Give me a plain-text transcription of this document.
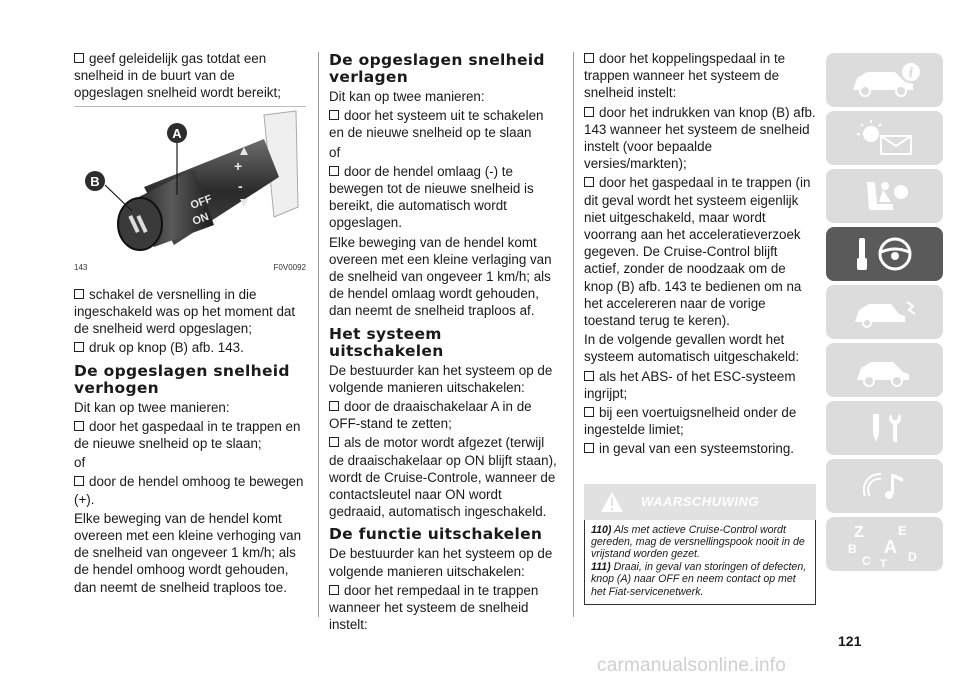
geef geleidelijk gas totdat een snelheid in de buurt van de opgeslagen snelheid wordt bereikt;

OFF
ON
+
-
A
B
143	F0V0092

schakel de versnelling in die ingeschakeld was op het moment dat de snelheid werd opgeslagen;

druk op knop (B) afb. 143.

De opgeslagen snelheid verhogen

Dit kan op twee manieren:

door het gaspedaal in te trappen en de nieuwe snelheid op te slaan;

of

door de hendel omhoog te bewegen (+).

Elke beweging van de hendel komt overeen met een kleine verhoging van de snelheid van ongeveer 1 km/h; als de hendel omhoog wordt gehouden, dan neemt de snelheid traploos toe.

De opgeslagen snelheid verlagen

Dit kan op twee manieren:

door het systeem uit te schakelen en de nieuwe snelheid op te slaan

of

door de hendel omlaag (-) te bewegen tot de nieuwe snelheid is bereikt, die automatisch wordt opgeslagen.

Elke beweging van de hendel komt overeen met een kleine verlaging van de snelheid van ongeveer 1 km/h; als de hendel omlaag wordt gehouden, dan neemt de snelheid traploos af.

Het systeem uitschakelen

De bestuurder kan het systeem op de volgende manieren uitschakelen:

door de draaischakelaar A in de OFF-stand te zetten;

als de motor wordt afgezet (terwijl de draaischakelaar op ON blijft staan), wordt de Cruise-Controle, wanneer de contactsleutel naar ON wordt gedraaid, automatisch ingeschakeld.

De functie uitschakelen

De bestuurder kan het systeem op de volgende manieren uitschakelen:

door het rempedaal in te trappen wanneer het systeem de snelheid instelt:

door het koppelingspedaal in te trappen wanneer het systeem de snelheid instelt:

door het indrukken van knop (B) afb. 143 wanneer het systeem de snelheid instelt (voor bepaalde versies/markten);

door het gaspedaal in te trappen (in dit geval wordt het systeem eigenlijk niet uitgeschakeld, maar wordt voorrang aan het acceleratieverzoek gegeven. De Cruise-Control blijft actief, zonder de noodzaak om de knop (B) afb. 143 te bedienen om na het accelereren naar de vorige toestand terug te keren).

In de volgende gevallen wordt het systeem automatisch uitgeschakeld:

als het ABS- of het ESC-systeem ingrijpt;

bij een voertuigsnelheid onder de ingestelde limiet;

in geval van een systeemstoring.

WAARSCHUWING
110) Als met actieve Cruise-Control wordt gereden, mag de versnellingspook nooit in de vrijstand worden gezet.
111) Draai, in geval van storingen of defecten, knop (A) naar OFF en neem contact op met het Fiat-servicenetwerk.
i
Z	E
B A
C T D
121
carmanualsonline.info
